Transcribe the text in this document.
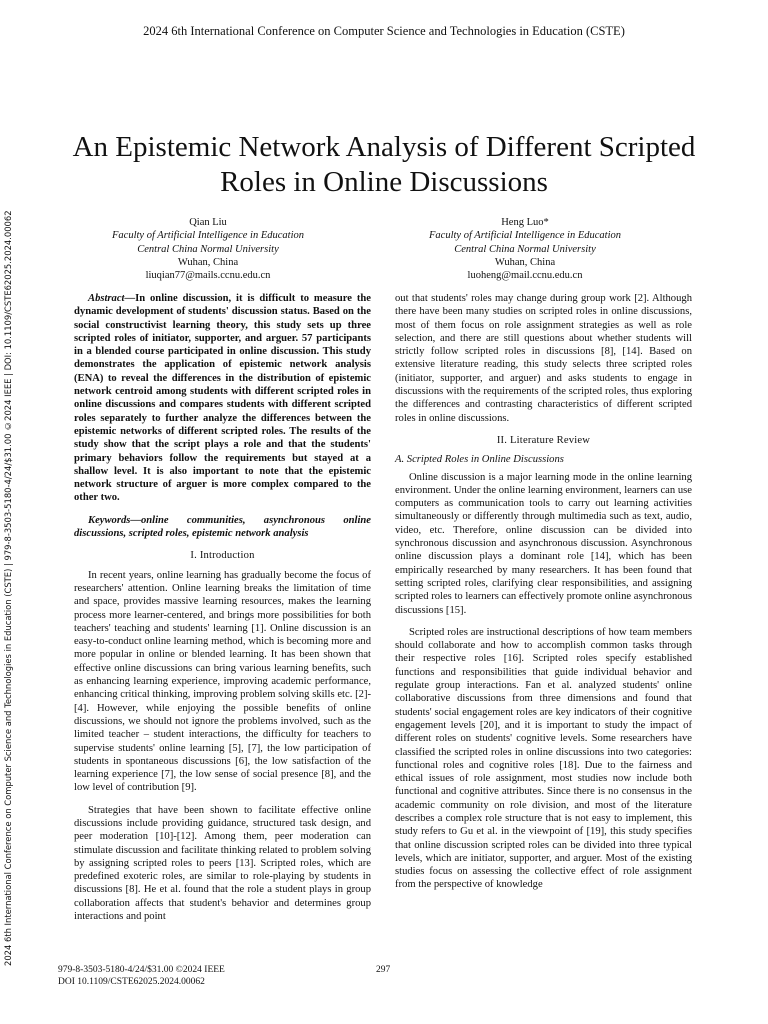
2024 6th International Conference on Computer Science and Technologies in Education (CSTE)
2024 6th International Conference on Computer Science and Technologies in Education (CSTE) | 979-8-3503-5180-4/24/$31.00 ©2024 IEEE | DOI: 10.1109/CSTE62025.2024.00062
An Epistemic Network Analysis of Different Scripted Roles in Online Discussions
Qian Liu
Faculty of Artificial Intelligence in Education
Central China Normal University
Wuhan, China
liuqian77@mails.ccnu.edu.cn
Heng Luo*
Faculty of Artificial Intelligence in Education
Central China Normal University
Wuhan, China
luoheng@mail.ccnu.edu.cn

Abstract—In online discussion, it is difficult to measure the dynamic development of students' discussion status. Based on the social constructivist learning theory, this study sets up three scripted roles of initiator, supporter, and arguer. 57 participants in a blended course participated in online discussion. This study demonstrates the application of epistemic network analysis (ENA) to reveal the differences in the distribution of epistemic network centroid among students with different scripted roles in online discussions and compares students with different scripted roles separately to further analyze the differences between the epistemic networks of different scripted roles. The results of the study show that the script plays a role and that the students' primary behaviors follow the requirements but stayed at a shallow level. It is also important to note that the epistemic network structure of arguer is more complex compared to the other two.

Keywords—online communities, asynchronous online discussions, scripted roles, epistemic network analysis

I. Introduction

In recent years, online learning has gradually become the focus of researchers' attention. Online learning breaks the limitation of time and space, provides massive learning resources, makes the learning process more learner-centered, and brings more possibilities for both teachers' teaching and students' learning [1]. Online discussion is an easy-to-conduct online learning method, which is becoming more and more popular in online or blended learning. It has been shown that effective online discussions can bring various learning benefits, such as enhancing learning experience, improving academic performance, enhancing critical thinking, improving problem solving skills etc. [2]-[4]. However, while enjoying the possible benefits of online discussions, we should not ignore the problems involved, such as the limited teacher – student interactions, the difficulty for teachers to supervise students' online learning [5], [7], the low participation of students in spontaneous discussions [6], the low satisfaction of the learning experience [7], the low sense of social presence [8], and the low level of contribution [9].

Strategies that have been shown to facilitate effective online discussions include providing guidance, structured task design, and peer moderation [10]-[12]. Among them, peer moderation can stimulate discussion and facilitate thinking related to problem solving by assigning scripted roles to peers [13]. Scripted roles, which are predefined exoteric roles, are similar to role-playing by students in discussions [8]. He et al. found that the role a student plays in group collaboration affects that student's behavior and determines group interactions and point

out that students' roles may change during group work [2]. Although there have been many studies on scripted roles in online discussions, most of them focus on role assignment strategies as well as role selection, and there are still questions about whether students will strictly follow scripted roles in discussions [8], [14]. Based on extensive literature reading, this study selects three scripted roles (initiator, supporter, and arguer) and asks students to engage in discussions with the requirements of the scripted roles, thus exploring the differences and contrasting characteristics of different scripted roles in online discussions.

II. Literature Review
A. Scripted Roles in Online Discussions

Online discussion is a major learning mode in the online learning environment. Under the online learning environment, learners can use computers as communication tools to carry out learning activities simultaneously or differently through multimedia such as text, audio, video, etc. Therefore, online discussion can be divided into synchronous discussion and asynchronous discussion. Asynchronous online discussion plays a dominant role [14], which has been empirically researched by many researchers. It has been found that setting scripted roles, clarifying clear responsibilities, and assigning scripted roles to learners can effectively promote online asynchronous discussions [15].

Scripted roles are instructional descriptions of how team members should collaborate and how to accomplish common tasks through their respective roles [16]. Scripted roles specify established functions and responsibilities that guide individual behavior and regulate group interactions. Fan et al. analyzed students' online collaborative discussions from three dimensions and found that students' social engagement roles are key indicators of their cognitive engagement levels [20], and it is important to study the impact of different roles on students' cognitive levels. Some researchers have classified the scripted roles in online discussions into two categories: functional roles and cognitive roles [18]. Due to the fairness and ethical issues of role assignment, most studies now include both functional and cognitive attributes. Since there is no consensus in the academic community on role division, and most of the literature describes a complex role structure that is not easy to implement, this study refers to Gu et al. in the viewpoint of [19], this study specifies that online discussion scripted roles can be divided into three typical levels, which are initiator, supporter, and arguer. Most of the existing studies focus on assessing the collective effect of role assignment from the perspective of knowledge

979-8-3503-5180-4/24/$31.00 ©2024 IEEE
DOI 10.1109/CSTE62025.2024.00062
297
